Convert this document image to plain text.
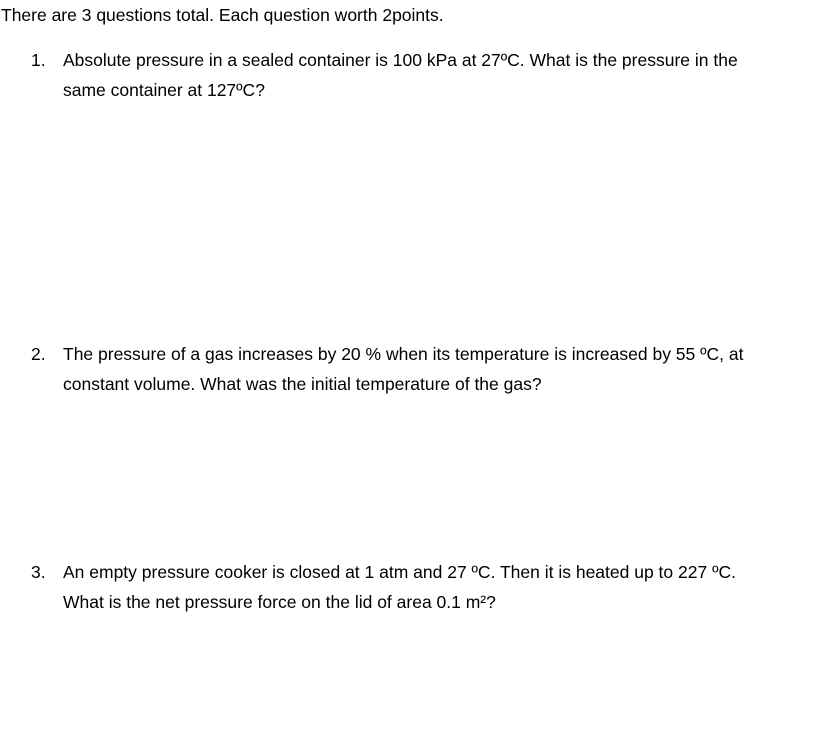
There are 3 questions total. Each question worth 2points.
1. Absolute pressure in a sealed container is 100 kPa at 27ºC. What is the pressure in the
same container at 127ºC?
2. The pressure of a gas increases by 20 % when its temperature is increased by 55 ºC, at
constant volume. What was the initial temperature of the gas?
3. An empty pressure cooker is closed at 1 atm and 27 ºC. Then it is heated up to 227 ºC.
What is the net pressure force on the lid of area 0.1 m²?
